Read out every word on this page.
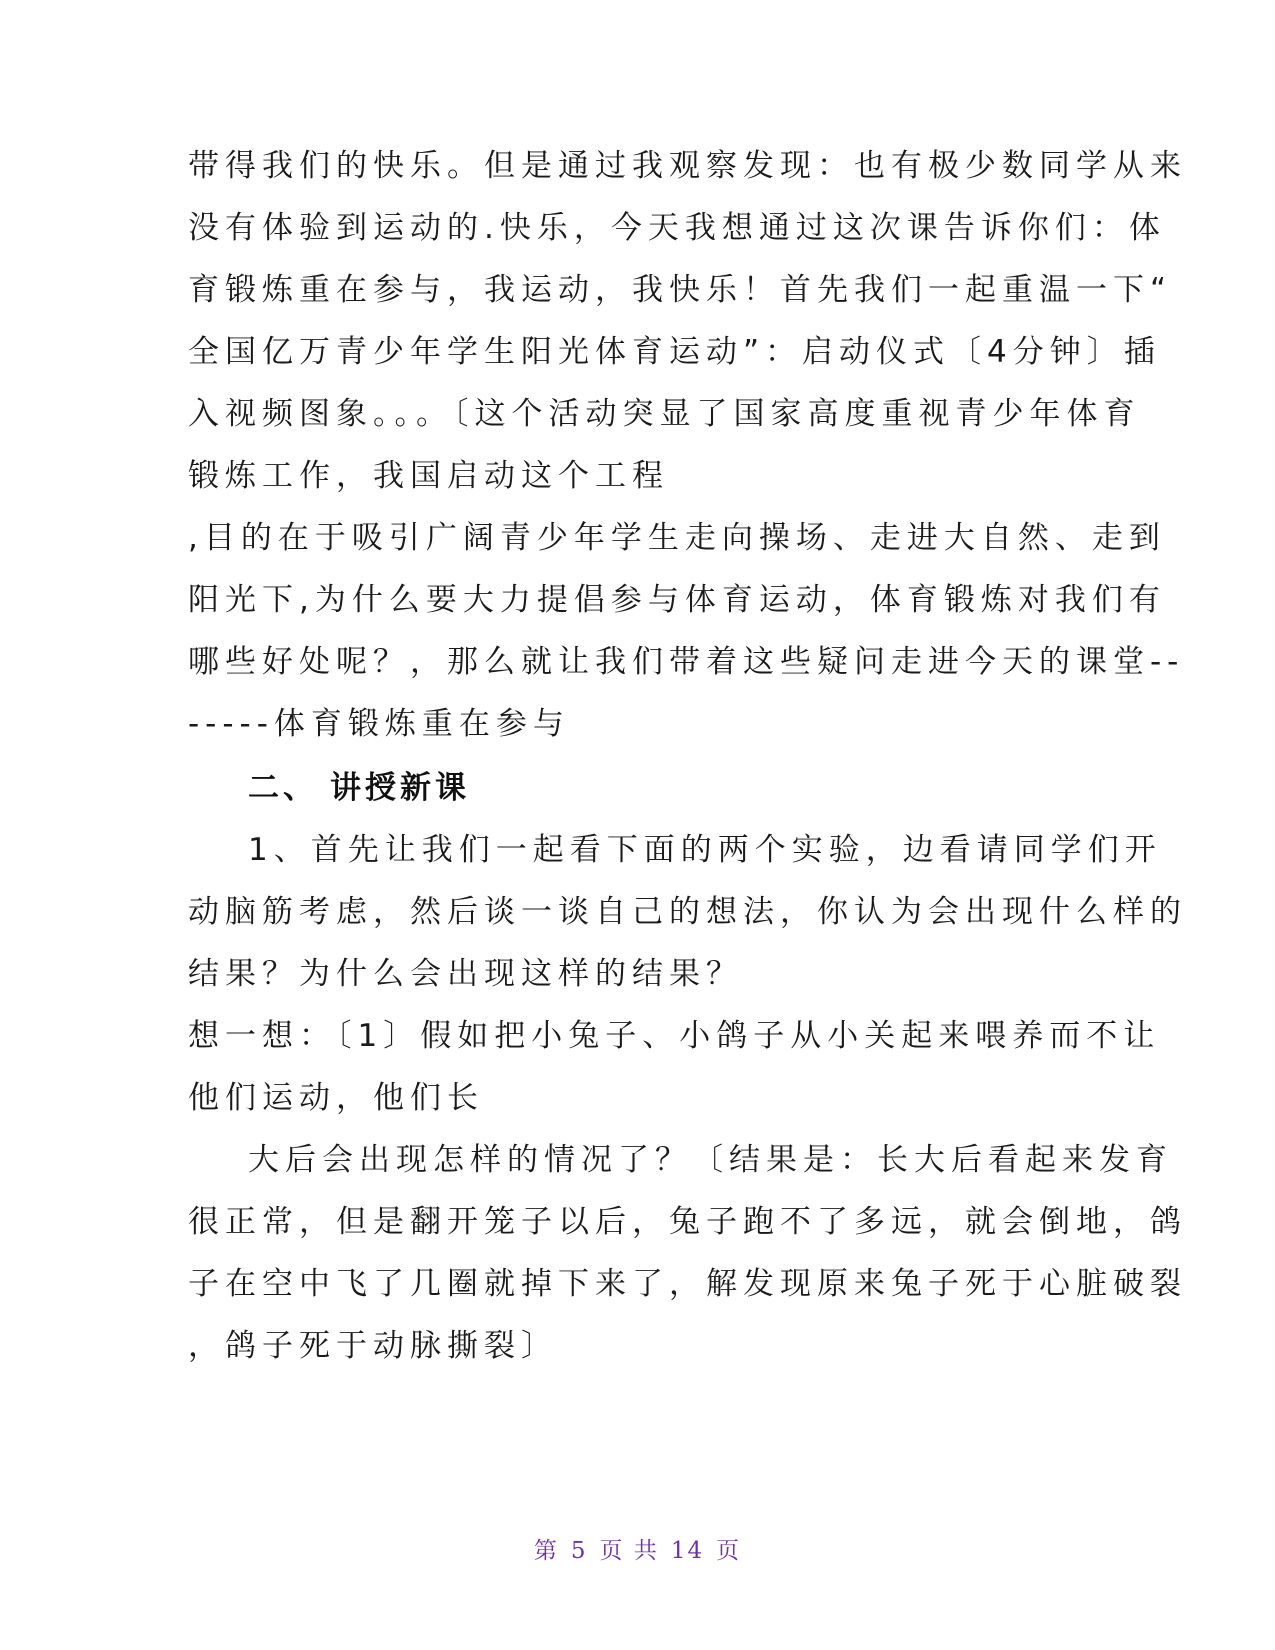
带得我们的快乐。但是通过我观察发现：也有极少数同学从来
没有体验到运动的.快乐，今天我想通过这次课告诉你们：体
育锻炼重在参与，我运动，我快乐！首先我们一起重温一下“
全国亿万青少年学生阳光体育运动”：启动仪式〔4分钟〕插
入视频图象。。。〔这个活动突显了国家高度重视青少年体育
锻炼工作，我国启动这个工程
,目的在于吸引广阔青少年学生走向操场、走进大自然、走到
阳光下,为什么要大力提倡参与体育运动，体育锻炼对我们有
哪些好处呢？，那么就让我们带着这些疑问走进今天的课堂--
-----体育锻炼重在参与
二、 讲授新课
1、首先让我们一起看下面的两个实验，边看请同学们开
动脑筋考虑，然后谈一谈自己的想法，你认为会出现什么样的
结果？为什么会出现这样的结果？
想一想：〔1〕假如把小兔子、小鸽子从小关起来喂养而不让
他们运动，他们长
大后会出现怎样的情况了？〔结果是：长大后看起来发育
很正常，但是翻开笼子以后，兔子跑不了多远，就会倒地，鸽
子在空中飞了几圈就掉下来了，解发现原来兔子死于心脏破裂
，鸽子死于动脉撕裂〕
第 5 页 共 14 页
